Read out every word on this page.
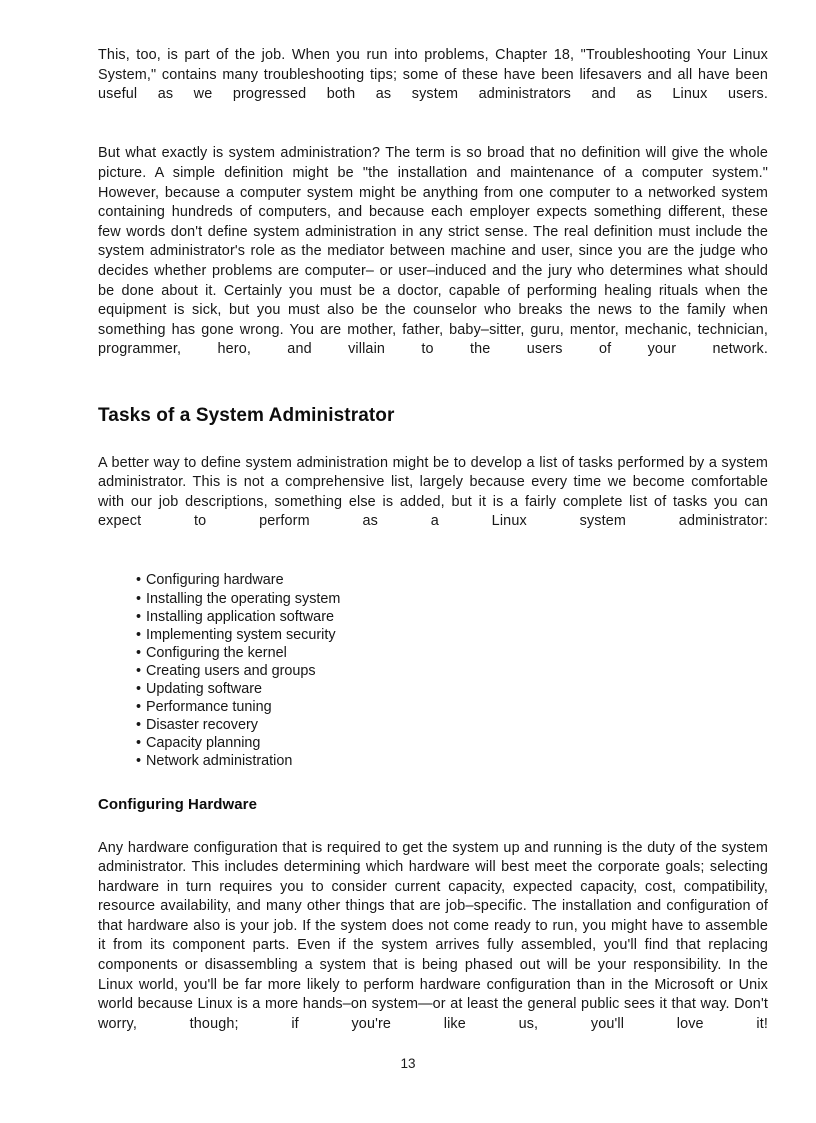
This, too, is part of the job. When you run into problems, Chapter 18, "Troubleshooting Your Linux System," contains many troubleshooting tips; some of these have been lifesavers and all have been useful as we progressed both as system administrators and as Linux users.

But what exactly is system administration? The term is so broad that no definition will give the whole picture. A simple definition might be "the installation and maintenance of a computer system." However, because a computer system might be anything from one computer to a networked system containing hundreds of computers, and because each employer expects something different, these few words don't define system administration in any strict sense. The real definition must include the system administrator's role as the mediator between machine and user, since you are the judge who decides whether problems are computer– or user–induced and the jury who determines what should be done about it. Certainly you must be a doctor, capable of performing healing rituals when the equipment is sick, but you must also be the counselor who breaks the news to the family when something has gone wrong. You are mother, father, baby–sitter, guru, mentor, mechanic, technician, programmer, hero, and villain to the users of your network.

Tasks of a System Administrator

A better way to define system administration might be to develop a list of tasks performed by a system administrator. This is not a comprehensive list, largely because every time we become comfortable with our job descriptions, something else is added, but it is a fairly complete list of tasks you can expect to perform as a Linux system administrator:

• Configuring hardware
• Installing the operating system
• Installing application software
• Implementing system security
• Configuring the kernel
• Creating users and groups
• Updating software
• Performance tuning
• Disaster recovery
• Capacity planning
• Network administration
Configuring Hardware

Any hardware configuration that is required to get the system up and running is the duty of the system administrator. This includes determining which hardware will best meet the corporate goals; selecting hardware in turn requires you to consider current capacity, expected capacity, cost, compatibility, resource availability, and many other things that are job–specific. The installation and configuration of that hardware also is your job. If the system does not come ready to run, you might have to assemble it from its component parts. Even if the system arrives fully assembled, you'll find that replacing components or disassembling a system that is being phased out will be your responsibility. In the Linux world, you'll be far more likely to perform hardware configuration than in the Microsoft or Unix world because Linux is a more hands–on system—or at least the general public sees it that way. Don't worry, though; if you're like us, you'll love it!

13
